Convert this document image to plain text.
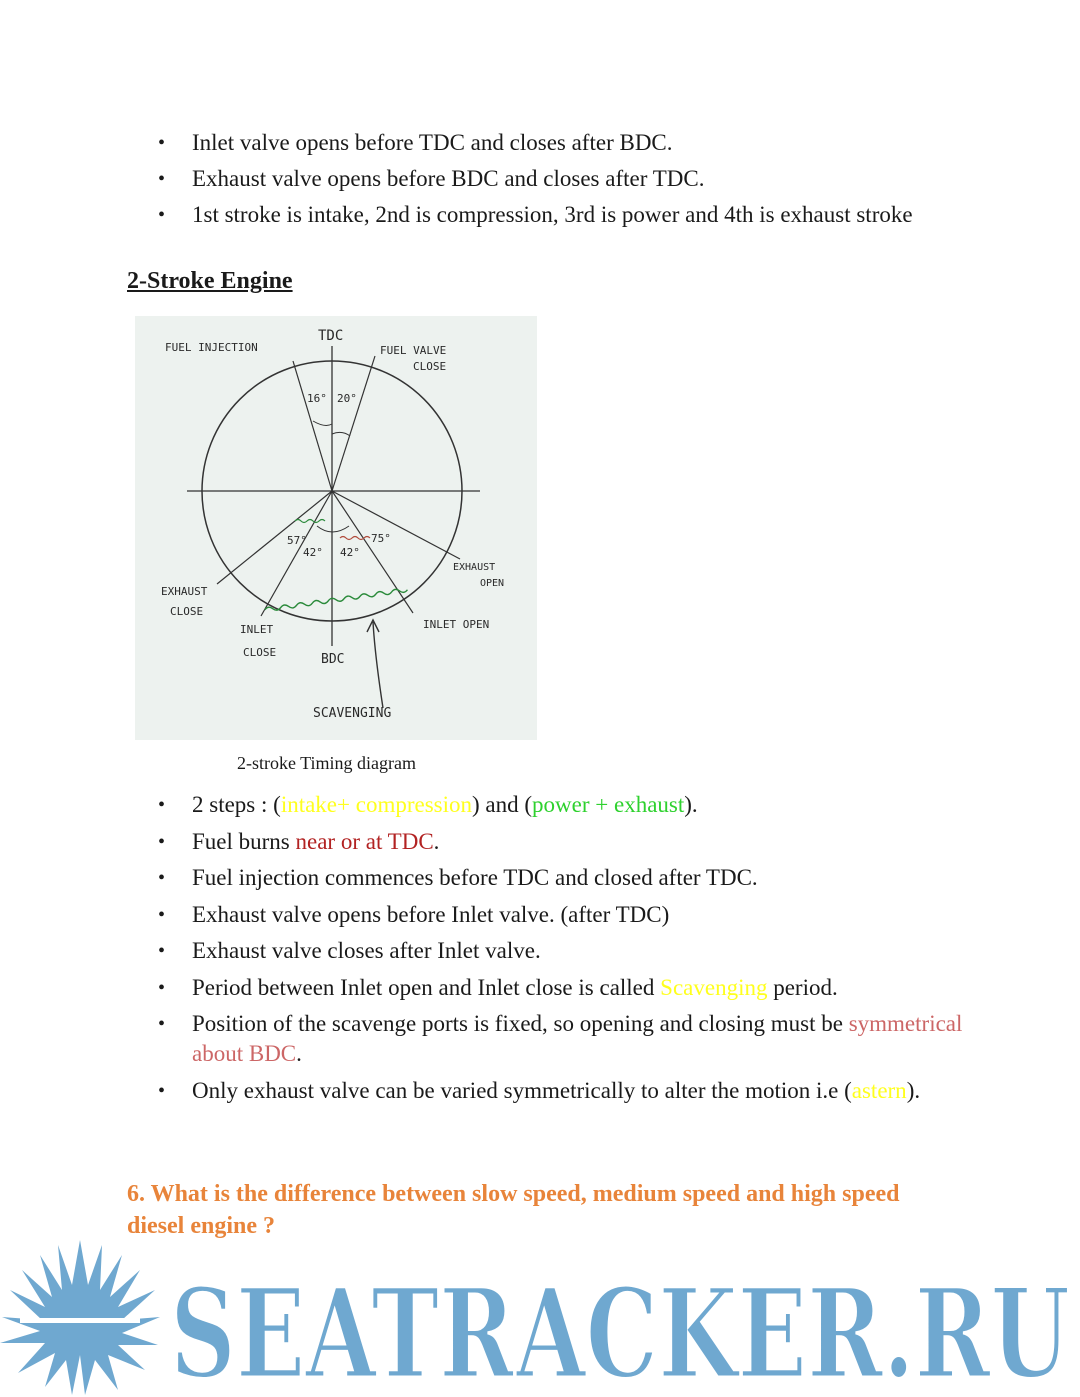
• Inlet valve opens before TDC and closes after BDC.
• Exhaust valve opens before BDC and closes after TDC.
• 1st stroke is intake, 2nd is compression, 3rd is power and 4th is exhaust stroke
2-Stroke Engine
TDC
FUEL INJECTION	FUEL VALVE
CLOSE
16° 20°
57°
42° 42°
75°
EXHAUST
OPEN
EXHAUST
CLOSE
INLET
CLOSE
INLET OPEN
BDC
SCAVENGING
2-stroke Timing diagram
• 2 steps : (intake+ compression) and (power + exhaust).
• Fuel burns near or at TDC.
• Fuel injection commences before TDC and closed after TDC.
• Exhaust valve opens before Inlet valve. (after TDC)
• Exhaust valve closes after Inlet valve.
• Period between Inlet open and Inlet close is called Scavenging period.
• Position of the scavenge ports is fixed, so opening and closing must be symmetrical about BDC.
• Only exhaust valve can be varied symmetrically to alter the motion i.e (astern).
6. What is the difference between slow speed, medium speed and high speed diesel engine ?
SEATRACKER.RU
